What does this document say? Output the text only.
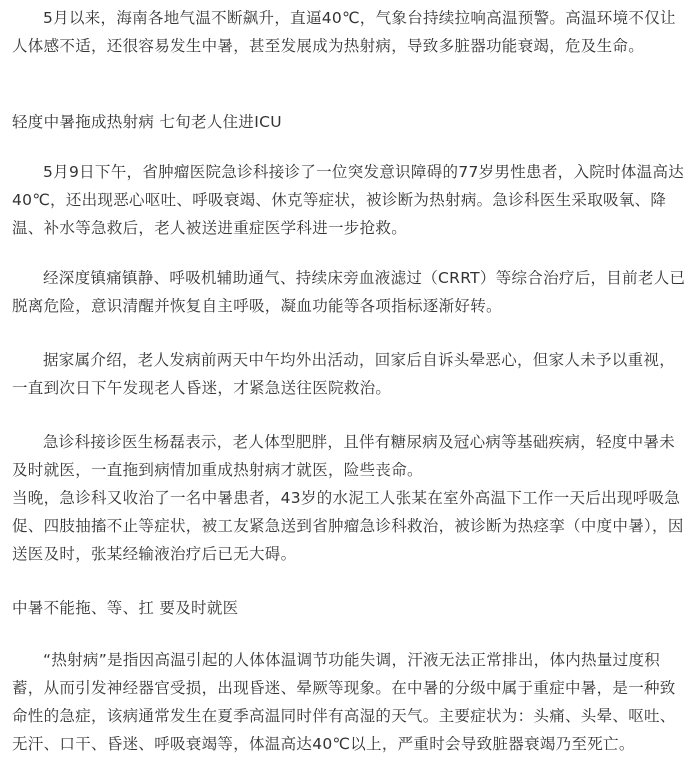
5月以来，海南各地气温不断飙升，直逼40℃，气象台持续拉响高温预警。高温环境不仅让人体感不适，还很容易发生中暑，甚至发展成为热射病，导致多脏器功能衰竭，危及生命。

轻度中暑拖成热射病 七旬老人住进ICU

5月9日下午，省肿瘤医院急诊科接诊了一位突发意识障碍的77岁男性患者，入院时体温高达40℃，还出现恶心呕吐、呼吸衰竭、休克等症状，被诊断为热射病。急诊科医生采取吸氧、降温、补水等急救后，老人被送进重症医学科进一步抢救。

经深度镇痛镇静、呼吸机辅助通气、持续床旁血液滤过（CRRT）等综合治疗后，目前老人已脱离危险，意识清醒并恢复自主呼吸，凝血功能等各项指标逐渐好转。

据家属介绍，老人发病前两天中午均外出活动，回家后自诉头晕恶心，但家人未予以重视，一直到次日下午发现老人昏迷，才紧急送往医院救治。

急诊科接诊医生杨磊表示，老人体型肥胖，且伴有糖尿病及冠心病等基础疾病，轻度中暑未及时就医，一直拖到病情加重成热射病才就医，险些丧命。

当晚，急诊科又收治了一名中暑患者，43岁的水泥工人张某在室外高温下工作一天后出现呼吸急促、四肢抽搐不止等症状，被工友紧急送到省肿瘤急诊科救治，被诊断为热痉挛（中度中暑），因送医及时，张某经输液治疗后已无大碍。

中暑不能拖、等、扛 要及时就医

“热射病”是指因高温引起的人体体温调节功能失调，汗液无法正常排出，体内热量过度积蓄，从而引发神经器官受损，出现昏迷、晕厥等现象。在中暑的分级中属于重症中暑，是一种致命性的急症，该病通常发生在夏季高温同时伴有高湿的天气。主要症状为：头痛、头晕、呕吐、无汗、口干、昏迷、呼吸衰竭等，体温高达40℃以上，严重时会导致脏器衰竭乃至死亡。
